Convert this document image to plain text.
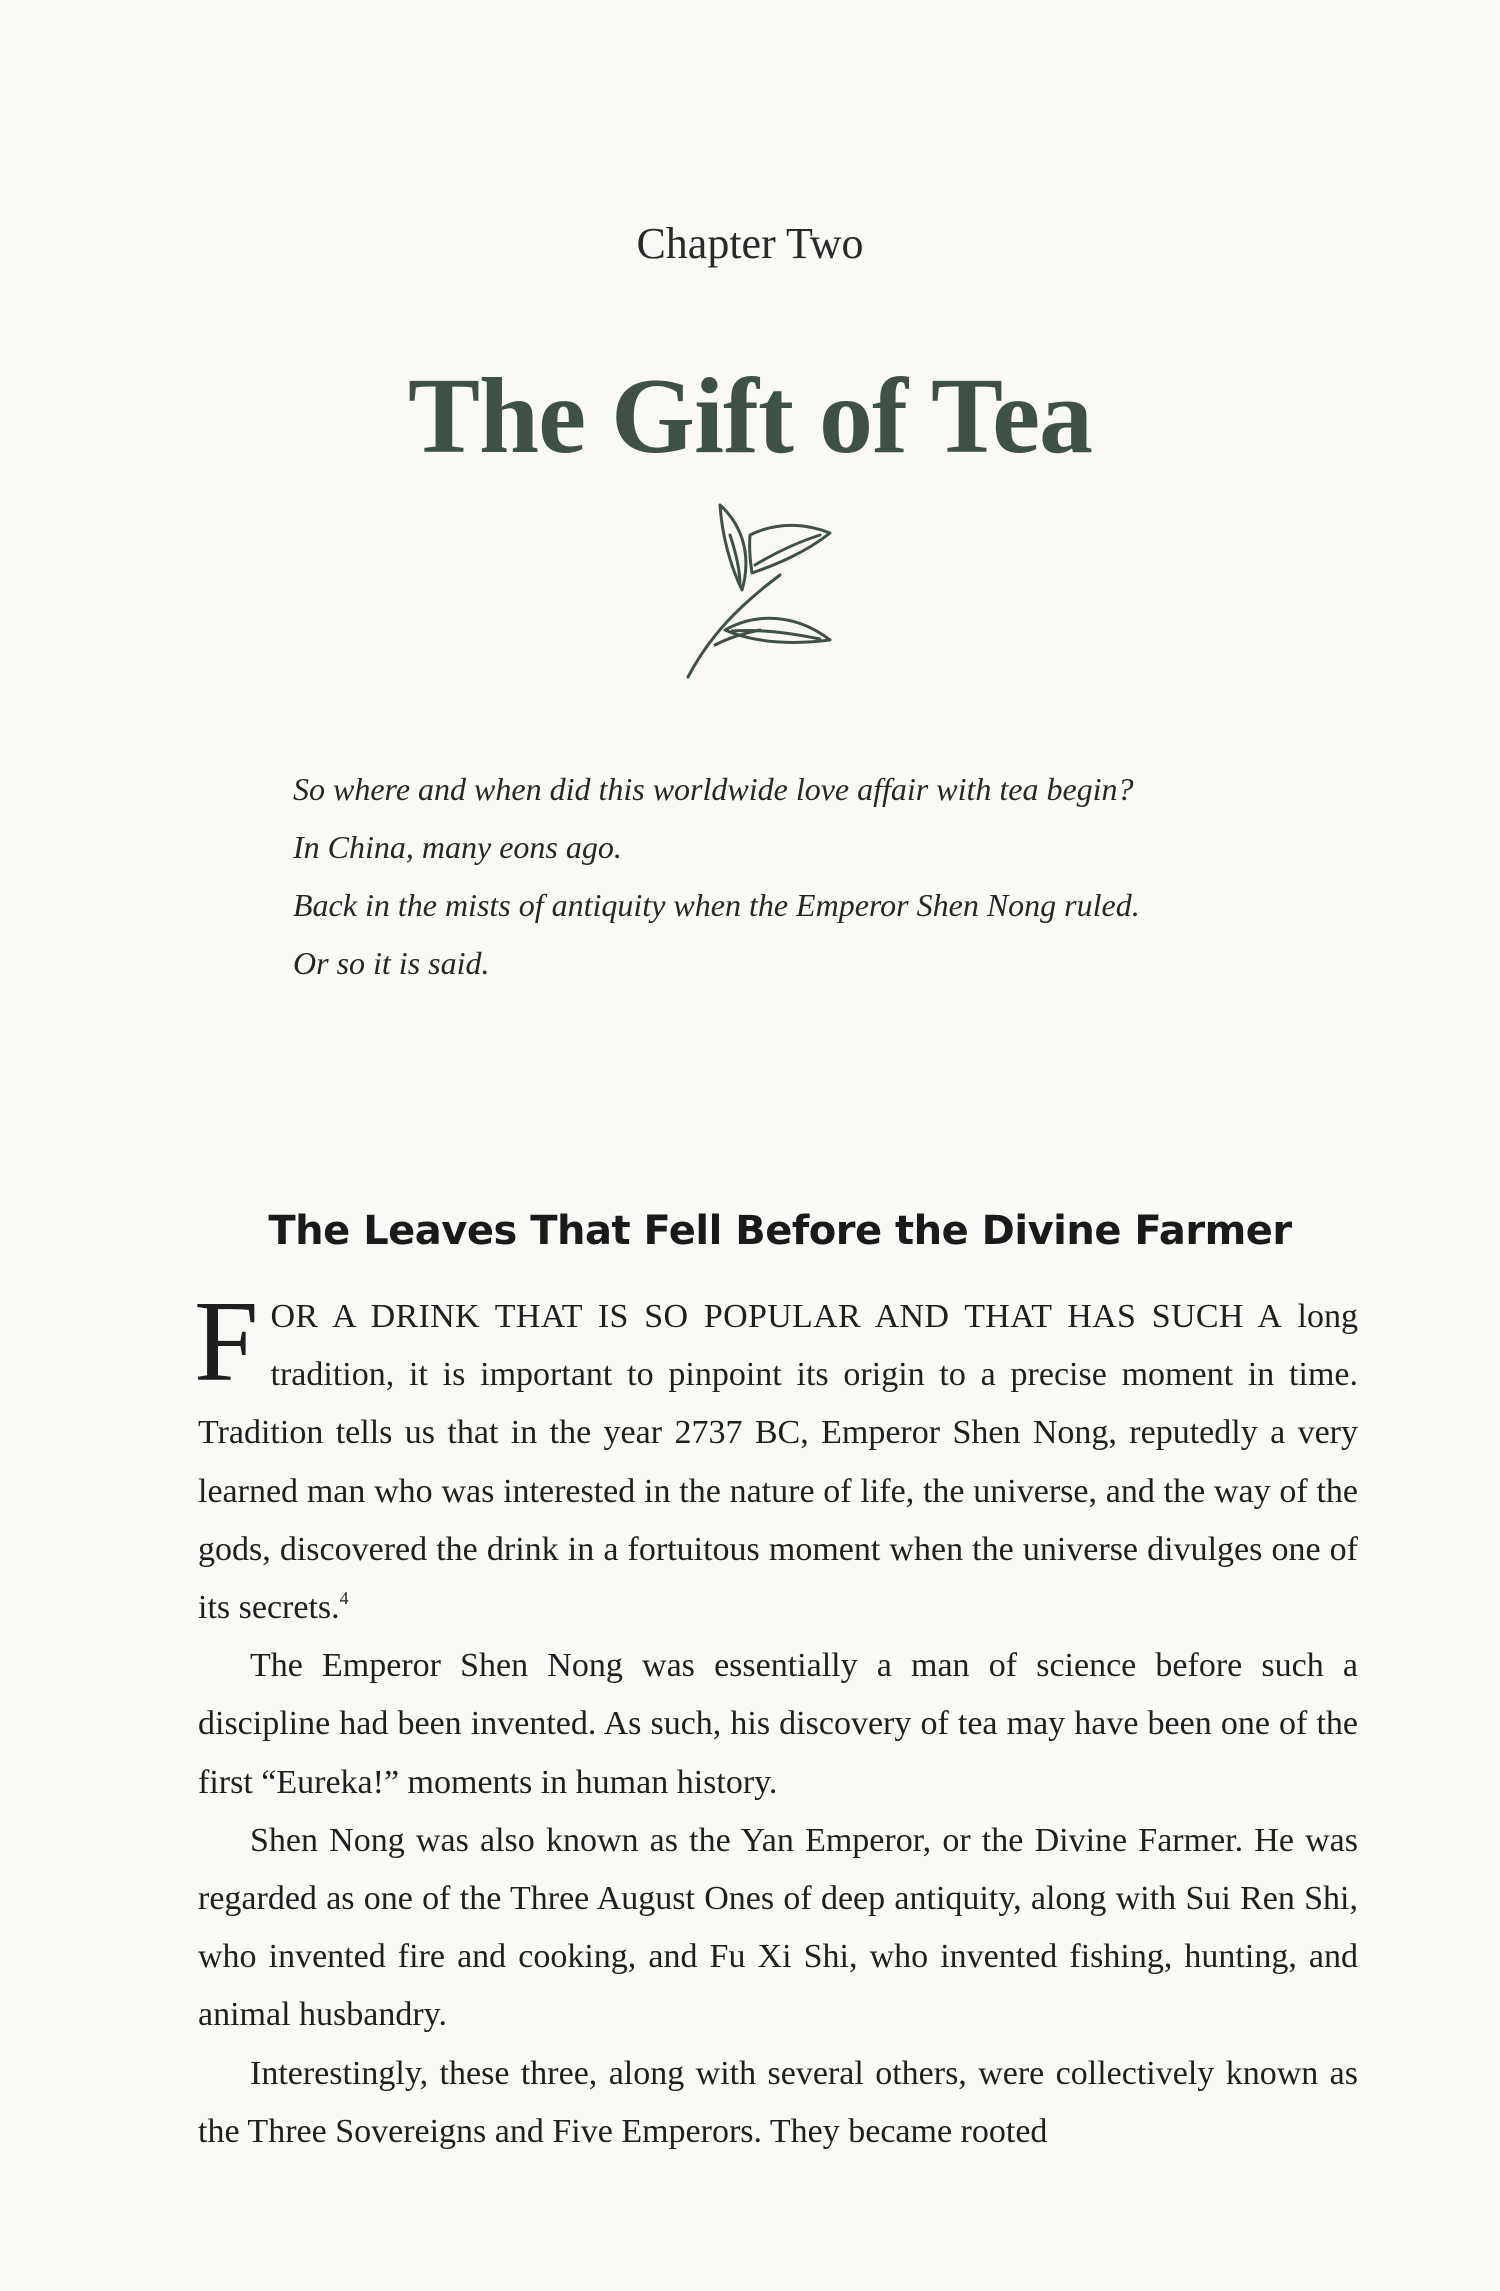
Chapter Two
The Gift of Tea
So where and when did this worldwide love affair with tea begin?
In China, many eons ago.
Back in the mists of antiquity when the Emperor Shen Nong ruled.
Or so it is said.
The Leaves That Fell Before the Divine Farmer

FOR A DRINK THAT IS SO POPULAR AND THAT HAS SUCH A long tradition, it is important to pinpoint its origin to a precise moment in time. Tradition tells us that in the year 2737 BC, Emperor Shen Nong, reputedly a very learned man who was interested in the nature of life, the universe, and the way of the gods, discovered the drink in a fortuitous moment when the universe divulges one of its secrets.$^4$

The Emperor Shen Nong was essentially a man of science before such a discipline had been invented. As such, his discovery of tea may have been one of the first “Eureka!” moments in human history.

Shen Nong was also known as the Yan Emperor, or the Divine Farmer. He was regarded as one of the Three August Ones of deep antiquity, along with Sui Ren Shi, who invented fire and cooking, and Fu Xi Shi, who invented fishing, hunting, and animal husbandry.

Interestingly, these three, along with several others, were collectively known as the Three Sovereigns and Five Emperors. They became rooted
